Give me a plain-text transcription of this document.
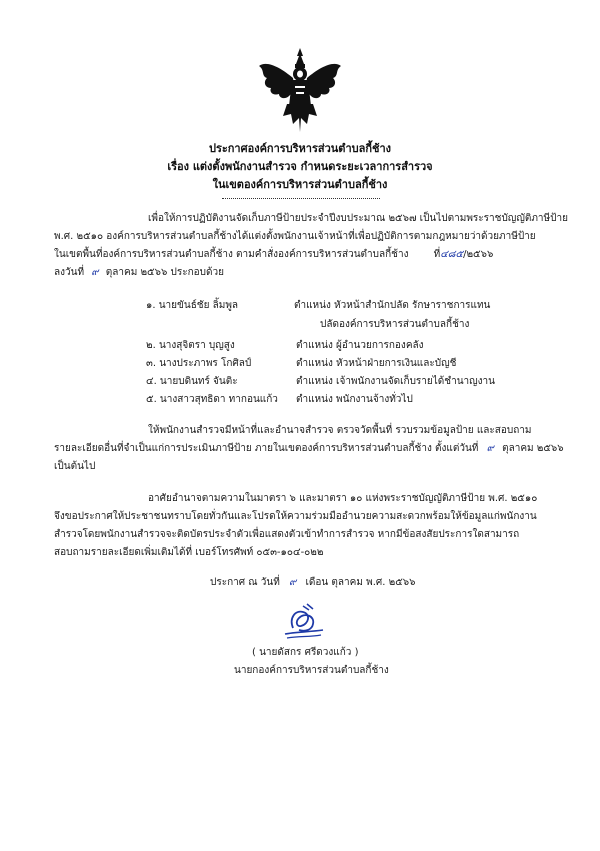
ประกาศองค์การบริหารส่วนตำบลกี้ช้าง
เรื่อง แต่งตั้งพนักงานสำรวจ กำหนดระยะเวลาการสำรวจ
ในเขตองค์การบริหารส่วนตำบลกี้ช้าง
เพื่อให้การปฏิบัติงานจัดเก็บภาษีป้ายประจำปีงบประมาณ ๒๕๖๗ เป็นไปตามพระราชบัญญัติภาษีป้าย
พ.ศ. ๒๕๑๐ องค์การบริหารส่วนตำบลกี้ช้างได้แต่งตั้งพนักงานเจ้าหน้าที่เพื่อปฏิบัติการตามกฎหมายว่าด้วยภาษีป้าย
ในเขตพื้นที่องค์การบริหารส่วนตำบลกี้ช้าง ตามคำสั่งองค์การบริหารส่วนตำบลกี้ช้าง	ที่๔๘๕/๒๕๖๖
ลงวันที่ ๙ ตุลาคม ๒๕๖๖ ประกอบด้วย
๑. นายขันธ์ชัย ลิ้มพูล	ตำแหน่ง หัวหน้าสำนักปลัด รักษาราชการแทน
ปลัดองค์การบริหารส่วนตำบลกี้ช้าง
๒. นางสุจิตรา บุญสูง	ตำแหน่ง ผู้อำนวยการกองคลัง
๓. นางประภาพร โกศิลป์	ตำแหน่ง หัวหน้าฝ่ายการเงินและบัญชี
๔. นายบดินทร์ จันติะ	ตำแหน่ง เจ้าพนักงานจัดเก็บรายได้ชำนาญงาน
๕. นางสาวสุทธิดา ทากอนแก้ว ตำแหน่ง พนักงานจ้างทั่วไป
ให้พนักงานสำรวจมีหน้าที่และอำนาจสำรวจ ตรวจวัดพื้นที่ รวบรวมข้อมูลป้าย และสอบถาม
รายละเอียดอื่นที่จำเป็นแก่การประเมินภาษีป้าย ภายในเขตองค์การบริหารส่วนตำบลกี้ช้าง ตั้งแต่วันที่ ๙ ตุลาคม ๒๕๖๖
เป็นต้นไป
อาศัยอำนาจตามความในมาตรา ๖ และมาตรา ๑๐ แห่งพระราชบัญญัติภาษีป้าย พ.ศ. ๒๕๑๐
จึงขอประกาศให้ประชาชนทราบโดยทั่วกันและโปรดให้ความร่วมมืออำนวยความสะดวกพร้อมให้ข้อมูลแก่พนักงาน
สำรวจโดยพนักงานสำรวจจะติดบัตรประจำตัวเพื่อแสดงตัวเข้าทำการสำรวจ หากมีข้อสงสัยประการใดสามารถ
สอบถามรายละเอียดเพิ่มเติมได้ที่ เบอร์โทรศัพท์ ๐๕๓-๑๐๔-๐๒๒
ประกาศ ณ วันที่ ๙ เดือน ตุลาคม พ.ศ. ๒๕๖๖
( นายดัสกร ศรีดวงแก้ว )
นายกองค์การบริหารส่วนตำบลกี้ช้าง
